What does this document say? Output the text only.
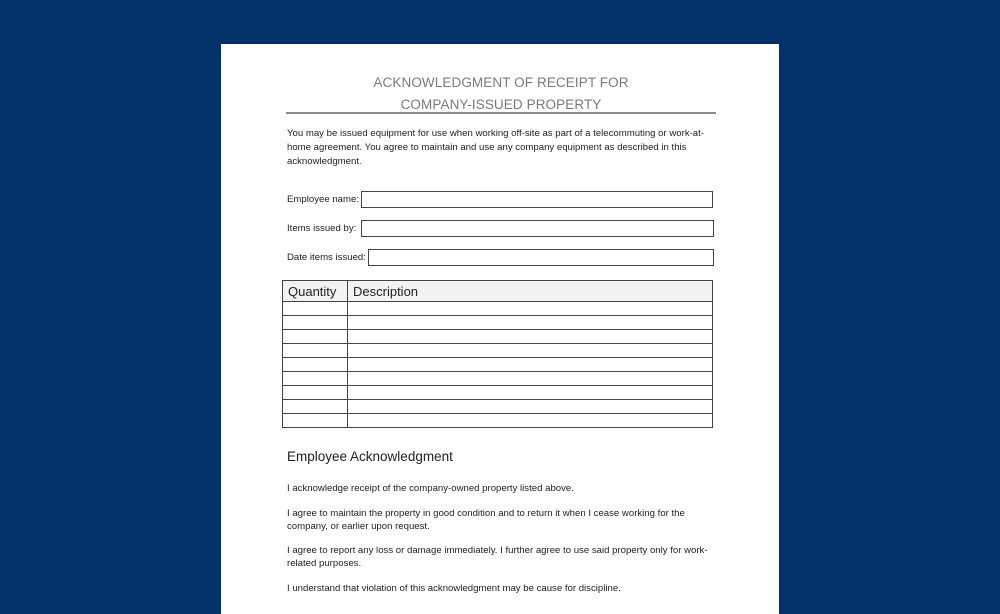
ACKNOWLEDGMENT OF RECEIPT FOR
COMPANY-ISSUED PROPERTY
You may be issued equipment for use when working off-site as part of a telecommuting or work-at-home agreement. You agree to maintain and use any company equipment as described in this acknowledgment.
Employee name:
Items issued by:
Date items issued:
Quantity	Description

Employee Acknowledgment

I acknowledge receipt of the company-owned property listed above.

I agree to maintain the property in good condition and to return it when I cease working for the company, or earlier upon request.

I agree to report any loss or damage immediately. I further agree to use said property only for work-related purposes.

I understand that violation of this acknowledgment may be cause for discipline.
